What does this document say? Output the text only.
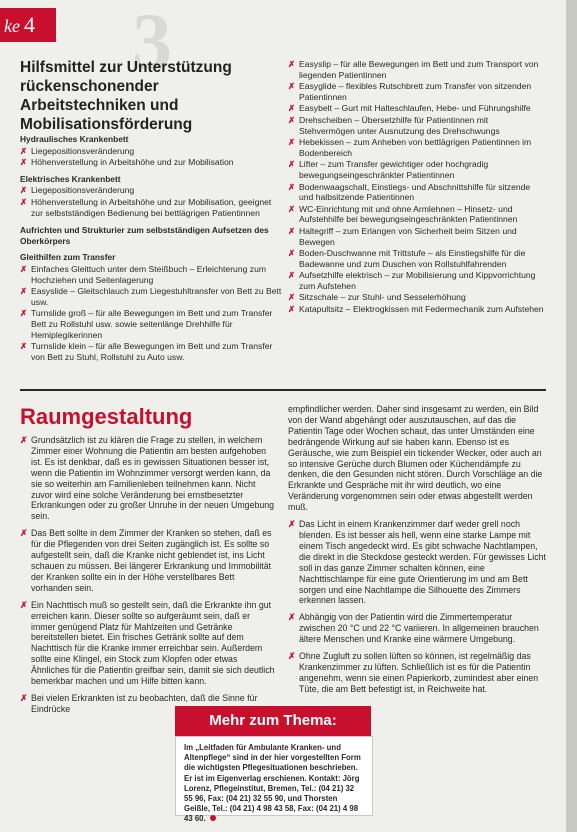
ke 4 3
Hilfsmittel zur Unterstützung rückenschonender Arbeitstechniken und Mobilisationsförderung
Hydraulisches Krankenbett
✗ Liegepositionsveränderung
✗ Höhenverstellung in Arbeitshöhe und zur Mobilisation
Elektrisches Krankenbett
✗ Liegepositionsveränderung
✗ Höhenverstellung in Arbeitshöhe und zur Mobilisation, geeignet zur selbstständigen Bedienung bei bettlägrigen Patientinnen
Aufrichten und Strukturier zum selbstständigen Aufsetzen des Oberkörpers
Gleithilfen zum Transfer
✗ Einfaches Gleittuch unter dem Steißbuch – Erleichterung zum Hochziehen und Seitenlagerung
✗ Easyslide – Gleitschlauch zum Liegestuhltransfer von Bett zu Bett usw.
✗ Turnslide groß – für alle Bewegungen im Bett und zum Transfer Bett zu Rollstuhl usw. sowie seitenlänge Drehhilfe für Hemiplegikerinnen
✗ Turnslide klein – für alle Bewegungen im Bett und zum Transfer von Bett zu Stuhl, Rollstuhl zu Auto usw.
✗ Easyslip – für alle Bewegungen im Bett und zum Transport von liegenden Patientinnen
✗ Easyglide – flexibles Rutschbrett zum Transfer von sitzenden Patientinnen
✗ Easybelt – Gurt mit Halteschlaufen, Hebe- und Führungshilfe
✗ Drehscheiben – Übersetzhilfe für Patientinnen mit Stehvermögen unter Ausnutzung des Drehschwungs
✗ Hebekissen – zum Anheben von bettlägrigen Patientinnen im Bodenbereich
✗ Lifter – zum Transfer gewichtiger oder hochgradig bewegungseingeschränkter Patientinnen
✗ Bodenwaagschalt, Einstiegs- und Abschnittshilfe für sitzende und halbsitzende Patientinnen
✗ WC-Einrichtung mit und ohne Armlehnen – Hinsetz- und Aufstehhilfe bei bewegungseingeschränkten Patientinnen
✗ Haltegriff – zum Erlangen von Sicherheit beim Sitzen und Bewegen
✗ Boden-Duschwanne mit Trittstufe – als Einstiegshilfe für die Badewanne und zum Duschen von Rollstuhlfahrenden
✗ Aufsetzhilfe elektrisch – zur Mobilisierung und Kippvorrichtung zum Aufstehen
✗ Sitzschale – zur Stuhl- und Sesselerhöhung
✗ Katapultsitz – Elektrogkissen mit Federmechanik zum Aufstehen
Raumgestaltung
✗ Grundsätzlich ist zu klären die Frage zu stellen, in welchem Zimmer einer Wohnung die Patientin am besten aufgehoben ist. Es ist denkbar, daß es in gewissen Situationen besser ist, wenn die Patientin im Wohnzimmer versorgt werden kann, da sie so weiterhin am Familienleben teilnehmen kann. Nicht zuvor wird eine solche Veränderung bei ernstbesetzter Erkrankungen oder zu großer Unruhe in der neuen Umgebung sein.
✗ Das Bett sollte in dem Zimmer der Kranken so stehen, daß es für die Pflegenden von drei Seiten zugänglich ist. Es sollte so aufgestellt sein, daß die Kranke nicht geblendet ist, ins Licht schauen zu müssen. Bei längerer Erkrankung und Immobilität der Kranken sollte ein in der Höhe verstellbares Bett vorhanden sein.
✗ Ein Nachttisch muß so gestellt sein, daß die Erkrankte ihn gut erreichen kann. Dieser sollte so aufgeräumt sein, daß er immer genügend Platz für Mahlzeiten und Getränke bereitstellen bietet. Ein frisches Getränk sollte auf dem Nachttisch für die Kranke immer erreichbar sein. Außerdem sollte eine Klingel, ein Stock zum Klopfen oder etwas Ähnliches für die Patientin greifbar sein, damit sie sich deutlich bemerkbar machen und um Hilfe bitten kann.
✗ Bei vielen Erkrankten ist zu beobachten, daß die Sinne für Eindrücke
empfindlicher werden. Daher sind insgesamt zu werden, ein Bild von der Wand abgehängt oder auszutauschen, auf das die Patientin Tage oder Wochen schaut, das unter Umständen eine bedrängende Wirkung auf sie haben kann. Ebenso ist es Geräusche, wie zum Beispiel ein tickender Wecker, oder auch an so intensive Gerüche durch Blumen oder Küchendämpfe zu denken, die den Gesunden nicht stören. Durch Vorschläge an die Erkrankte und Gespräche mit ihr wird deutlich, wo eine Veränderung vorgenommen sein oder etwas abgestellt werden muß.
✗ Das Licht in einem Krankenzimmer darf weder grell noch blenden. Es ist besser als hell, wenn eine starke Lampe mit einem Tisch angedeckt wird. Es gibt schwache Nachtlampen, die direkt in die Steckdose gesteckt werden. Für gewisses Licht soll in das ganze Zimmer schalten können, eine Nachttischlampe für eine gute Orientierung im und am Bett sorgen und eine Nachtlampe die Silhouette des Zimmers erkennen lassen.
✗ Abhängig von der Patientin wird die Zimmertemperatur zwischen 20 °C und 22 °C variieren. In allgemeinen brauchen ältere Menschen und Kranke eine wärmere Umgebung.
✗ Ohne Zugluft zu sollen lüften so können, ist regelmäßig das Krankenzimmer zu lüften. Schließlich ist es für die Patientin angenehm, wenn sie einen Papierkorb, zumindest aber einen Tüte, die am Bett befestigt ist, in Reichweite hat.
Mehr zum Thema:
Im „Leitfaden für Ambulante Kranken- und Altenpflege“ sind in der hier vorgestellten Form die wichtigsten Pflegesituationen beschrieben. Er ist im Eigenverlag erschienen. Kontakt: Jörg Lorenz, Pflegeinstitut, Bremen, Tel.: (04 21) 32 55 96, Fax: (04 21) 32 55 90, und Thorsten Geißle, Tel.: (04 21) 4 98 43 58, Fax: (04 21) 4 98 43 60.
